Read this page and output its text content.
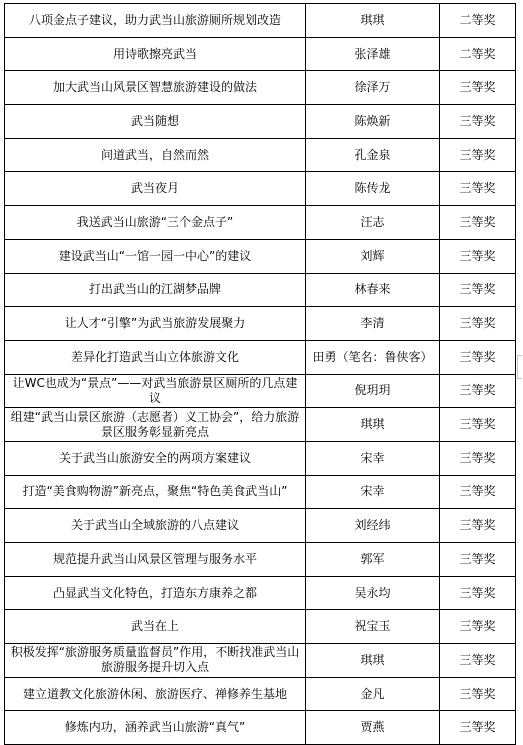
八项金点子建议，助力武当山旅游厕所规划改造	琪琪	二等奖
用诗歌擦亮武当	张泽雄	二等奖
加大武当山风景区智慧旅游建设的做法	徐泽万	三等奖
武当随想	陈焕新	三等奖
问道武当，自然而然	孔金泉	三等奖
武当夜月	陈传龙	三等奖
我送武当山旅游“三个金点子”	汪志	三等奖
建设武当山“一馆一园一中心”的建议	刘辉	三等奖
打出武当山的江湖梦品牌	林春来	三等奖
让人才“引擎”为武当旅游发展聚力	李清	三等奖
差异化打造武当山立体旅游文化	田勇（笔名：鲁侠客）	三等奖
让WC也成为“景点”——对武当旅游景区厕所的几点建议	倪玥玥	三等奖
组建“武当山景区旅游（志愿者）义工协会”，给力旅游景区服务彰显新亮点	琪琪	三等奖
关于武当山旅游安全的两项方案建议	宋幸	三等奖
打造“美食购物游”新亮点，聚焦“特色美食武当山”	宋幸	三等奖
关于武当山全域旅游的八点建议	刘经纬	三等奖
规范提升武当山风景区管理与服务水平	郭军	三等奖
凸显武当文化特色，打造东方康养之都	吴永均	三等奖
武当在上	祝宝玉	三等奖
积极发挥“旅游服务质量监督员”作用，不断找准武当山旅游服务提升切入点	琪琪	三等奖
建立道教文化旅游休闲、旅游医疗、禅修养生基地	金凡	三等奖
修炼内功，涵养武当山旅游“真气”	贾燕	三等奖
